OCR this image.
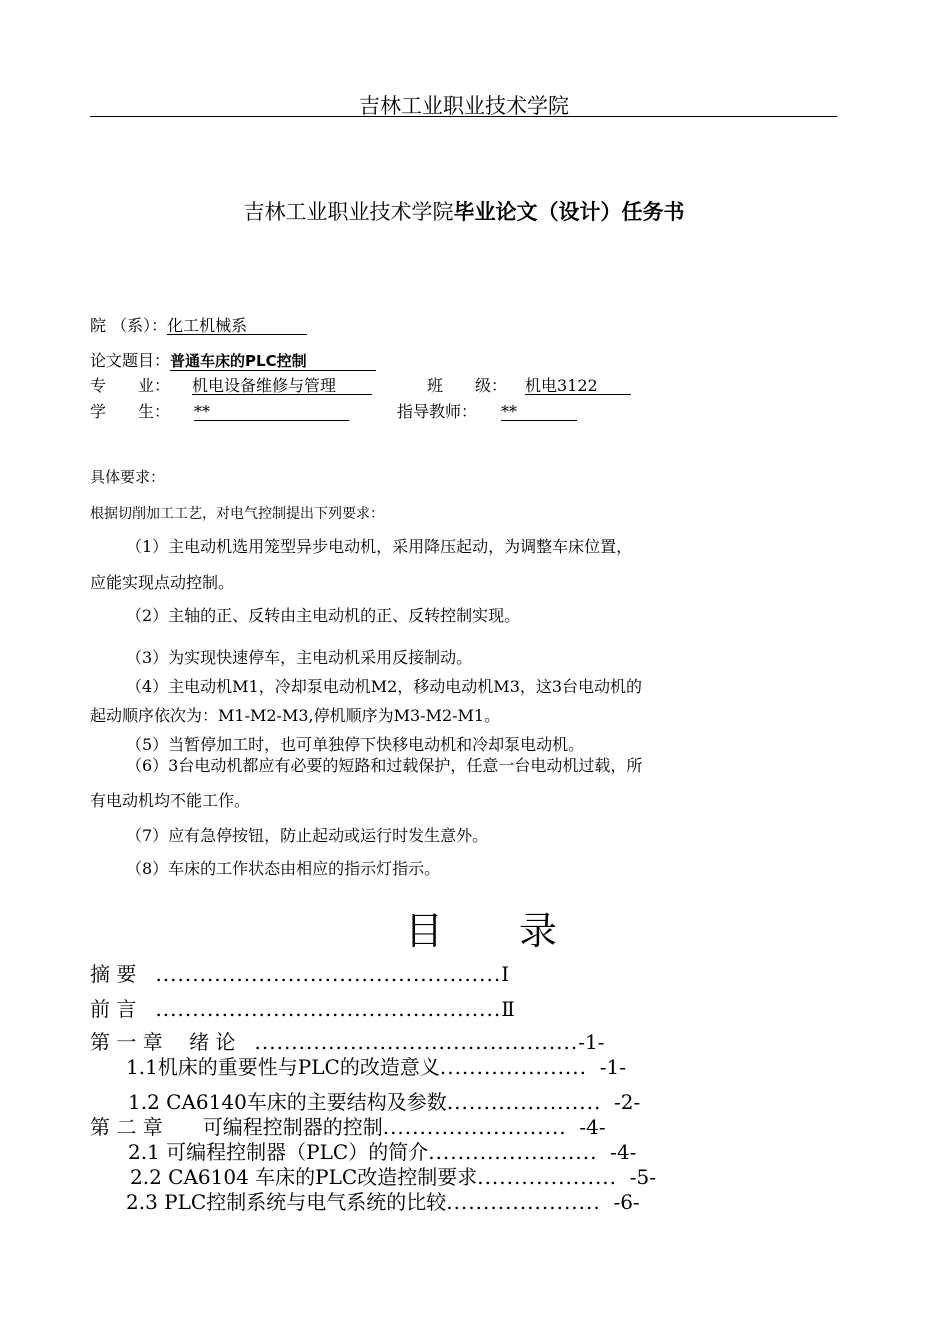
吉林工业职业技术学院
吉林工业职业技术学院毕业论文（设计）任务书
院 （系）：化工机械系
论文题目：普通车床的PLC控制
专　　业： 机电设备维修与管理	班　　级： 机电3122
学　　生： **	指导教师： **
具体要求：
根据切削加工工艺，对电气控制提出下列要求：
（1）主电动机选用笼型异步电动机，采用降压起动，为调整车床位置，
应能实现点动控制。
（2）主轴的正、反转由主电动机的正、反转控制实现。
（3）为实现快速停车，主电动机采用反接制动。
（4）主电动机M1，冷却泵电动机M2，移动电动机M3，这3台电动机的
起动顺序依次为：M1-M2-M3,停机顺序为M3-M2-M1。
（5）当暂停加工时，也可单独停下快移电动机和冷却泵电动机。
（6）3台电动机都应有必要的短路和过载保护，任意一台电动机过载，所
有电动机均不能工作。
（7）应有急停按钮，防止起动或运行时发生意外。
（8）车床的工作状态由相应的指示灯指示。
目　　录
摘 要 ...............................................Ⅰ
前 言 ...............................................Ⅱ
第 一 章　 绪 论 ............................................-1-
1.1机床的重要性与PLC的改造意义.................... -1-
1.2 CA6140车床的主要结构及参数..................... -2-
第 二 章　　可编程控制器的控制......................... -4-
2.1 可编程控制器（PLC）的简介....................... -4-
2.2 CA6104 车床的PLC改造控制要求................... -5-
2.3 PLC控制系统与电气系统的比较..................... -6-
